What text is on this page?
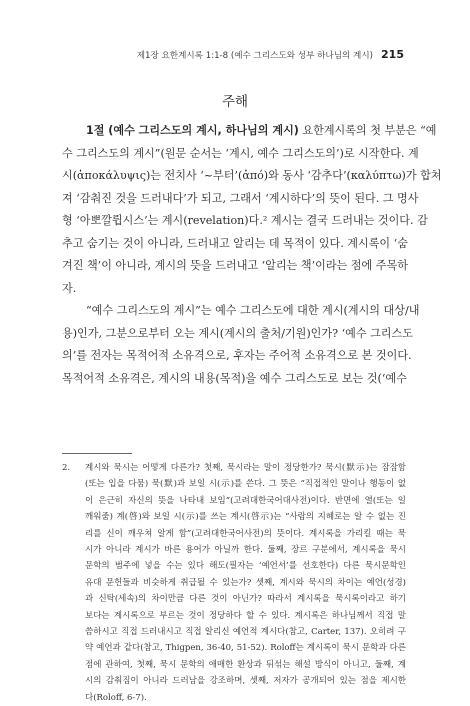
제1장 요한계시록 1:1-8 (예수 그리스도와 성부 하나님의 계시) 215
주해
1절 (예수 그리스도의 계시, 하나님의 계시) 요한계시록의 첫 부분은 “예
수 그리스도의 계시”(원문 순서는 ‘계시, 예수 그리스도의’)로 시작한다. 계
시(ἀποκάλυψις)는 전치사 ‘~부터’(ἀπό)와 동사 ‘감추다’(καλύπτω)가 합쳐
져 ‘감춰진 것을 드러내다’가 되고, 그래서 ‘계시하다’의 뜻이 된다. 그 명사
형 ‘아뽀깔륍시스’는 계시(revelation)다.² 계시는 결국 드러내는 것이다. 감
추고 숨기는 것이 아니라, 드러내고 알리는 데 목적이 있다. 계시록이 ‘숨
겨진 책’이 아니라, 계시의 뜻을 드러내고 ‘알리는 책’이라는 점에 주목하
자.
“예수 그리스도의 계시”는 예수 그리스도에 대한 계시(계시의 대상/내
용)인가, 그분으로부터 오는 계시(계시의 출처/기원)인가? ‘예수 그리스도
의’를 전자는 목적어적 소유격으로, 후자는 주어적 소유격으로 본 것이다.
목적어적 소유격은, 계시의 내용(목적)을 예수 그리스도로 보는 것(‘예수
2. 계시와 묵시는 어떻게 다른가? 첫째, 묵시라는 말이 정당한가? 묵시(默示)는 잠잠함
(또는 입을 다뭄) 묵(默)과 보일 시(示)를 쓴다. 그 뜻은 “직접적인 말이나 행동이 없
이 은근히 자신의 뜻을 나타내 보임”(고려대한국어대사전)이다. 반면에 열(또는 일
깨워줌) 계(啓)와 보일 시(示)를 쓰는 계시(啓示)는 “사람의 지혜로는 알 수 없는 진
리를 신이 깨우쳐 알게 함”(고려대한국어사전)의 뜻이다. 계시록을 가리킬 때는 묵
시가 아니라 계시가 바른 용어가 아닐까 한다. 둘째, 장르 구분에서, 계시록을 묵시
문학의 범주에 넣을 수는 있다 해도(필자는 ‘예언서’를 선호한다) 다른 묵시문학인
유대 문헌들과 비슷하게 취급될 수 있는가? 셋째, 계시와 묵시의 차이는 예언(성경)
과 신탁(세속)의 차이만큼 다른 것이 아닌가? 따라서 계시록을 묵시록이라고 하기
보다는 계시록으로 부르는 것이 정당하다 할 수 있다. 계시록은 하나님께서 직접 말
씀하시고 직접 드러내시고 직접 알리신 예언적 계시다(참고, Carter, 137). 오히려 구
약 예언과 같다(참고, Thigpen, 36-40, 51-52). Roloff는 계시록이 묵시 문학과 다른
점에 관하여, 첫째, 묵시 문학의 애매한 환상과 뒤섞는 해설 방식이 아니고, 둘째, 계
시의 감춰짐이 아니라 드러남을 강조하며, 셋째, 저자가 공개되어 있는 점을 제시한
다(Roloff, 6-7).
